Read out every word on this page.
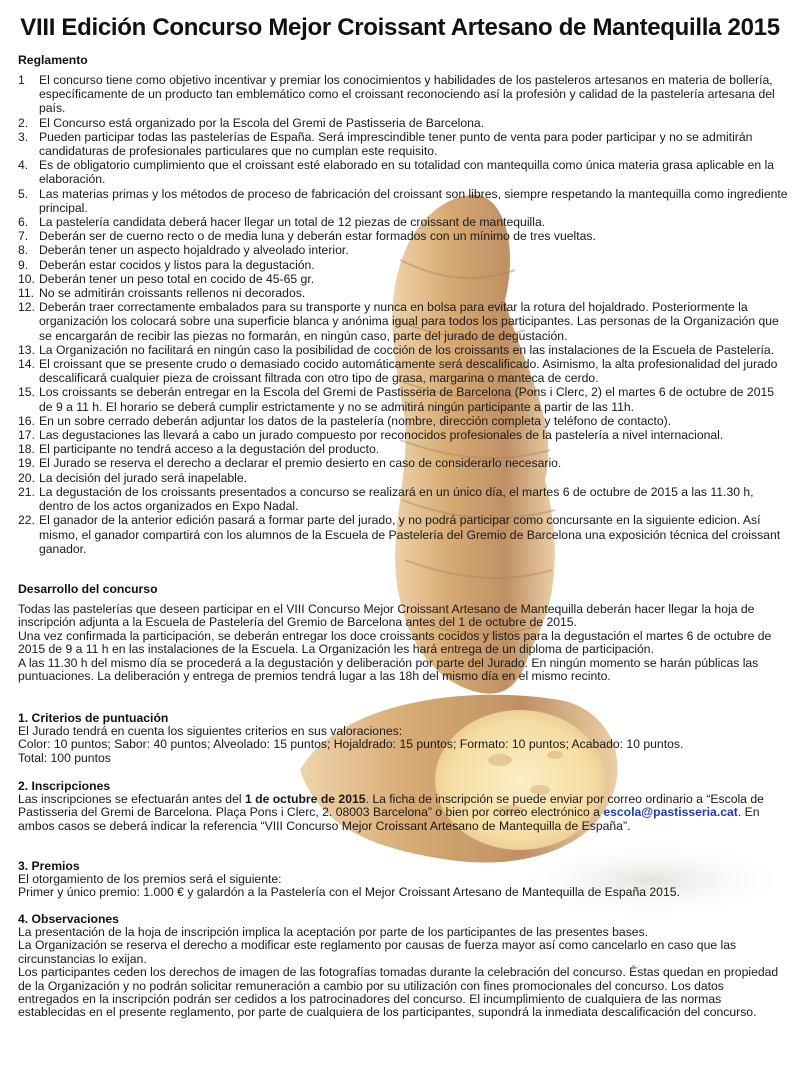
VIII Edición Concurso Mejor Croissant Artesano de Mantequilla 2015
Reglamento
1	El concurso tiene como objetivo incentivar y premiar los conocimientos y habilidades de los pasteleros artesanos en materia de bollería, específicamente de un producto tan emblemático como el croissant reconociendo así la profesión y calidad de la pastelería artesana del país.
2. El Concurso está organizado por la Escola del Gremi de Pastisseria de Barcelona.
3. Pueden participar todas las pastelerías de España. Será imprescindible tener punto de venta para poder participar y no se admitirán candidaturas de profesionales particulares que no cumplan este requisito.
4. Es de obligatorio cumplimiento que el croissant esté elaborado en su totalidad con mantequilla como única materia grasa aplicable en la elaboración.
5. Las materias primas y los métodos de proceso de fabricación del croissant son libres, siempre respetando la mantequilla como ingrediente principal.
6. La pastelería candidata deberá hacer llegar un total de 12 piezas de croissant de mantequilla.
7. Deberán ser de cuerno recto o de media luna y deberán estar formados con un mínimo de tres vueltas.
8. Deberán tener un aspecto hojaldrado y alveolado interior.
9. Deberán estar cocidos y listos para la degustación.
10. Deberán tener un peso total en cocido de 45-65 gr.
11. No se admitirán croissants rellenos ni decorados.
12. Deberán traer correctamente embalados para su transporte y nunca en bolsa para evitar la rotura del hojaldrado. Posteriormente la organización los colocará sobre una superficie blanca y anónima igual para todos los participantes. Las personas de la Organización que se encargarán de recibir las piezas no formarán, en ningún caso, parte del jurado de degustación.
13. La Organización no facilitará en ningún caso la posibilidad de cocción de los croissants en las instalaciones de la Escuela de Pastelería.
14. El croissant que se presente crudo o demasiado cocido automáticamente será descalificado. Asimismo, la alta profesionalidad del jurado descalificará cualquier pieza de croissant filtrada con otro tipo de grasa, margarina o manteca de cerdo.
15. Los croissants se deberán entregar en la Escola del Gremi de Pastisseria de Barcelona (Pons i Clerc, 2) el martes 6 de octubre de 2015 de 9 a 11 h. El horario se deberá cumplir estrictamente y no se admitirá ningún participante a partir de las 11h.
16. En un sobre cerrado deberán adjuntar los datos de la pastelería (nombre, dirección completa y teléfono de contacto).
17. Las degustaciones las llevará a cabo un jurado compuesto por reconocidos profesionales de la pastelería a nivel internacional.
18. El participante no tendrá acceso a la degustación del producto.
19. El Jurado se reserva el derecho a declarar el premio desierto en caso de considerarlo necesario.
20. La decisión del jurado será inapelable.
21. La degustación de los croissants presentados a concurso se realizará en un único día, el martes 6 de octubre de 2015 a las 11.30 h, dentro de los actos organizados en Expo Nadal.
22. El ganador de la anterior edición pasará a formar parte del jurado, y no podrá participar como concursante en la siguiente edicion. Así mismo, el ganador compartirá con los alumnos de la Escuela de Pastelería del Gremio de Barcelona una exposición técnica del croissant ganador.
Desarrollo del concurso

Todas las pastelerías que deseen participar en el VIII Concurso Mejor Croissant Artesano de Mantequilla deberán hacer llegar la hoja de inscripción adjunta a la Escuela de Pastelería del Gremio de Barcelona antes del 1 de octubre de 2015.

Una vez confirmada la participación, se deberán entregar los doce croissants cocidos y listos para la degustación el martes 6 de octubre de 2015 de 9 a 11 h en las instalaciones de la Escuela. La Organización les hará entrega de un diploma de participación.

A las 11.30 h del mismo día se procederá a la degustación y deliberación por parte del Jurado. En ningún momento se harán públicas las puntuaciones. La deliberación y entrega de premios tendrá lugar a las 18h del mismo día en el mismo recinto.

1. Criterios de puntuación

El Jurado tendrá en cuenta los siguientes criterios en sus valoraciones:

Color: 10 puntos; Sabor: 40 puntos; Alveolado: 15 puntos; Hojaldrado: 15 puntos; Formato: 10 puntos; Acabado: 10 puntos.

Total: 100 puntos

2. Inscripciones

Las inscripciones se efectuarán antes del 1 de octubre de 2015. La ficha de inscripción se puede enviar por correo ordinario a “Escola de Pastisseria del Gremi de Barcelona. Plaça Pons i Clerc, 2. 08003 Barcelona” o bien por correo electrónico a escola@pastisseria.cat. En ambos casos se deberá indicar la referencia “VIII Concurso Mejor Croissant Artesano de Mantequilla de España”.

3. Premios

El otorgamiento de los premios será el siguiente:

Primer y único premio: 1.000 € y galardón a la Pastelería con el Mejor Croissant Artesano de Mantequilla de España 2015.

4. Observaciones

La presentación de la hoja de inscripción implica la aceptación por parte de los participantes de las presentes bases.

La Organización se reserva el derecho a modificar este reglamento por causas de fuerza mayor así como cancelarlo en caso que las circunstancias lo exijan.

Los participantes ceden los derechos de imagen de las fotografías tomadas durante la celebración del concurso. Éstas quedan en propiedad de la Organización y no podrán solicitar remuneración a cambio por su utilización con fines promocionales del concurso. Los datos entregados en la inscripción podrán ser cedidos a los patrocinadores del concurso. El incumplimiento de cualquiera de las normas establecidas en el presente reglamento, por parte de cualquiera de los participantes, supondrá la inmediata descalificación del concurso.
